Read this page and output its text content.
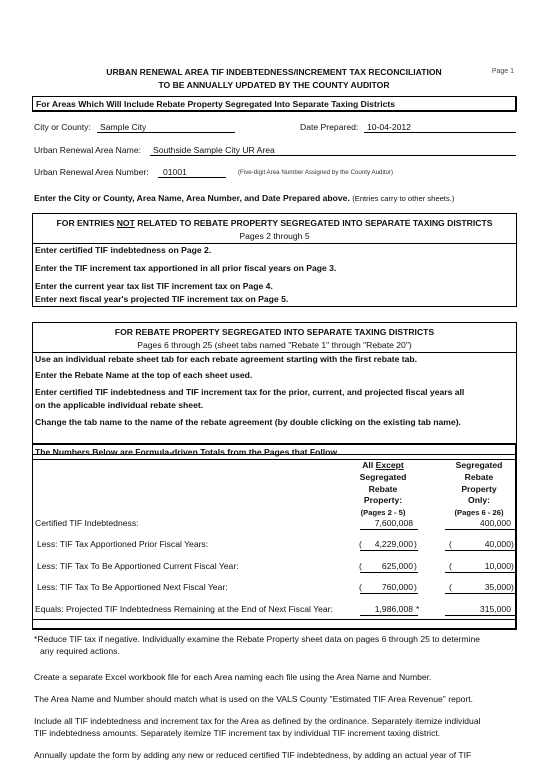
URBAN RENEWAL AREA TIF INDEBTEDNESS/INCREMENT TAX RECONCILIATION
TO BE ANNUALLY UPDATED BY THE COUNTY AUDITOR
Page 1
For Areas Which Will Include Rebate Property Segregated Into Separate Taxing Districts
City or County:	Sample City	Date Prepared:	10-04-2012
Urban Renewal Area Name:	Southside Sample City UR Area
Urban Renewal Area Number:	01001	(Five-digit Area Number Assigned by the County Auditor)
Enter the City or County, Area Name, Area Number, and Date Prepared above. (Entries carry to other sheets.)
FOR ENTRIES NOT RELATED TO REBATE PROPERTY SEGREGATED INTO SEPARATE TAXING DISTRICTS
Pages 2 through 5
Enter certified TIF indebtedness on Page 2.
Enter the TIF increment tax apportioned in all prior fiscal years on Page 3.
Enter the current year tax list TIF increment tax on Page 4.
Enter next fiscal year's projected TIF increment tax on Page 5.
FOR REBATE PROPERTY SEGREGATED INTO SEPARATE TAXING DISTRICTS
Pages 6 through 25 (sheet tabs named "Rebate 1" through "Rebate 20")
Use an individual rebate sheet tab for each rebate agreement starting with the first rebate tab.
Enter the Rebate Name at the top of each sheet used.
Enter certified TIF indebtedness and TIF increment tax for the prior, current, and projected fiscal years all
on the applicable individual rebate sheet.
Change the tab name to the name of the rebate agreement (by double clicking on the existing tab name).
The Numbers Below are Formula-driven Totals from the Pages that Follow.
All Except
Segregated
Rebate
Property:
(Pages 2 - 5)
Segregated
Rebate
Property
Only:
(Pages 6 - 26)
Certified TIF Indebtedness:	7,600,008	400,000
Less: TIF Tax Apportioned Prior Fiscal Years:	(	4,229,000 )	(	40,000 )
Less: TIF Tax To Be Apportioned Current Fiscal Year:	(	625,000 )	(	10,000 )
Less: TIF Tax To Be Apportioned Next Fiscal Year:	(	760,000 )	(	35,000 )
Equals: Projected TIF Indebtedness Remaining at the End of Next Fiscal Year:	1,986,008 *	315,000
*Reduce TIF tax if negative. Individually examine the Rebate Property sheet data on pages 6 through 25 to determine
any required actions.
Create a separate Excel workbook file for each Area naming each file using the Area Name and Number.
The Area Name and Number should match what is used on the VALS County "Estimated TIF Area Revenue" report.
Include all TIF indebtedness and increment tax for the Area as defined by the ordinance. Separately itemize individual
TIF indebtedness amounts. Separately itemize TIF increment tax by individual TIF increment taxing district.
Annually update the form by adding any new or reduced certified TIF indebtedness, by adding an actual year of TIF
